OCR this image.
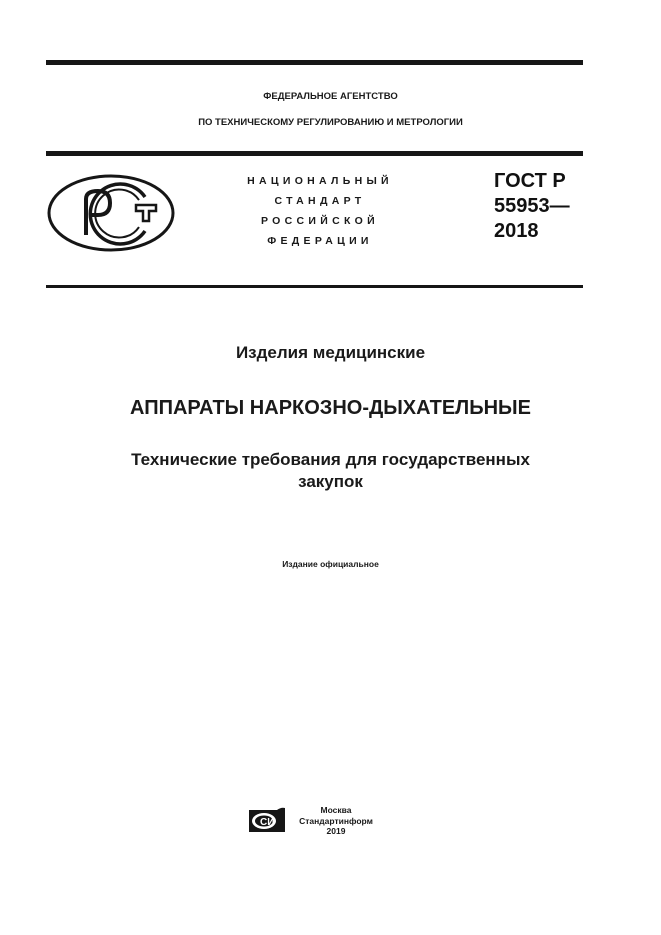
ФЕДЕРАЛЬНОЕ АГЕНТСТВО
ПО ТЕХНИЧЕСКОМУ РЕГУЛИРОВАНИЮ И МЕТРОЛОГИИ
НАЦИОНАЛЬНЫЙ
СТАНДАРТ
РОССИЙСКОЙ
ФЕДЕРАЦИИ
ГОСТ Р
55953—
2018
Изделия медицинские
АППАРАТЫ НАРКОЗНО-ДЫХАТЕЛЬНЫЕ
Технические требования для государственных
закупок
Издание официальное
СИ
Москва
Стандартинформ
2019
